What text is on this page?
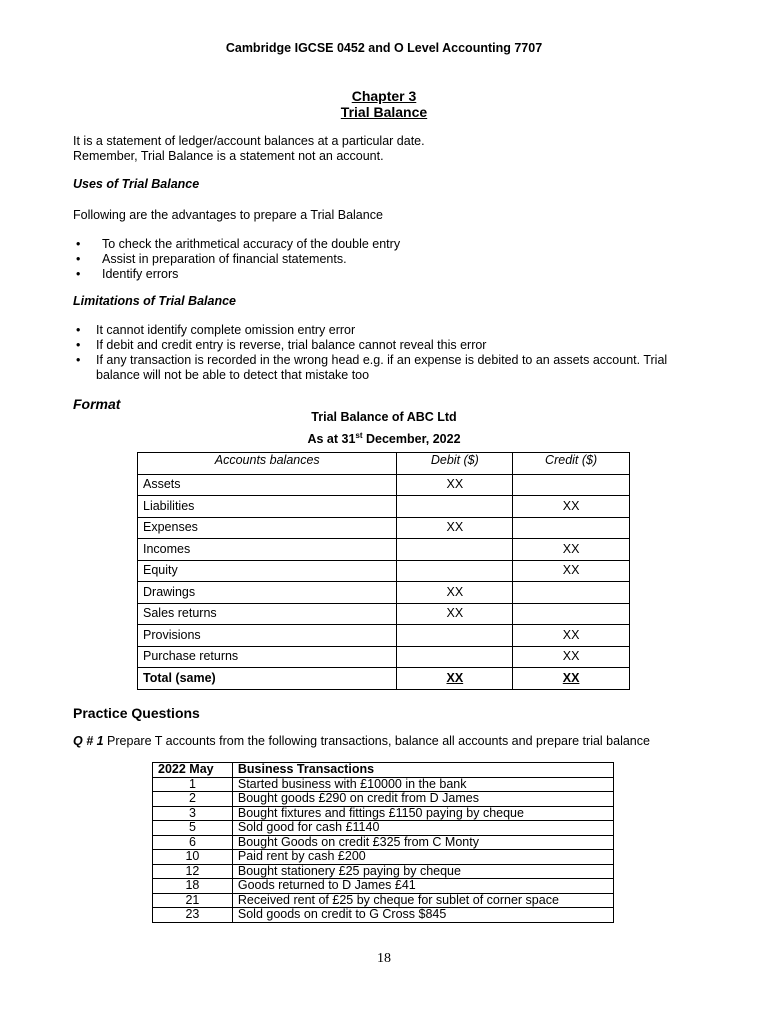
Cambridge IGCSE 0452 and O Level Accounting 7707
Chapter 3
Trial Balance
It is a statement of ledger/account balances at a particular date.
Remember, Trial Balance is a statement not an account.
Uses of Trial Balance
Following are the advantages to prepare a Trial Balance
• To check the arithmetical accuracy of the double entry
• Assist in preparation of financial statements.
• Identify errors
Limitations of Trial Balance
• It cannot identify complete omission entry error
• If debit and credit entry is reverse, trial balance cannot reveal this error
• If any transaction is recorded in the wrong head e.g. if an expense is debited to an assets account. Trial balance will not be able to detect that mistake too
Format
Trial Balance of ABC Ltd
As at 31st December, 2022
Accounts balances	Debit ($)	Credit ($)
Assets	XX	
Liabilities		XX
Expenses	XX	
Incomes		XX
Equity		XX
Drawings	XX	
Sales returns	XX	
Provisions		XX
Purchase returns		XX
Total (same)	XX	XX
Practice Questions
Q # 1 Prepare T accounts from the following transactions, balance all accounts and prepare trial balance
2022 May	Business Transactions
1	Started business with £10000 in the bank
2	Bought goods £290 on credit from D James
3	Bought fixtures and fittings £1150 paying by cheque
5	Sold good for cash £1140
6	Bought Goods on credit £325 from C Monty
10	Paid rent by cash £200
12	Bought stationery £25 paying by cheque
18	Goods returned to D James £41
21	Received rent of £25 by cheque for sublet of corner space
23	Sold goods on credit to G Cross $845
18
